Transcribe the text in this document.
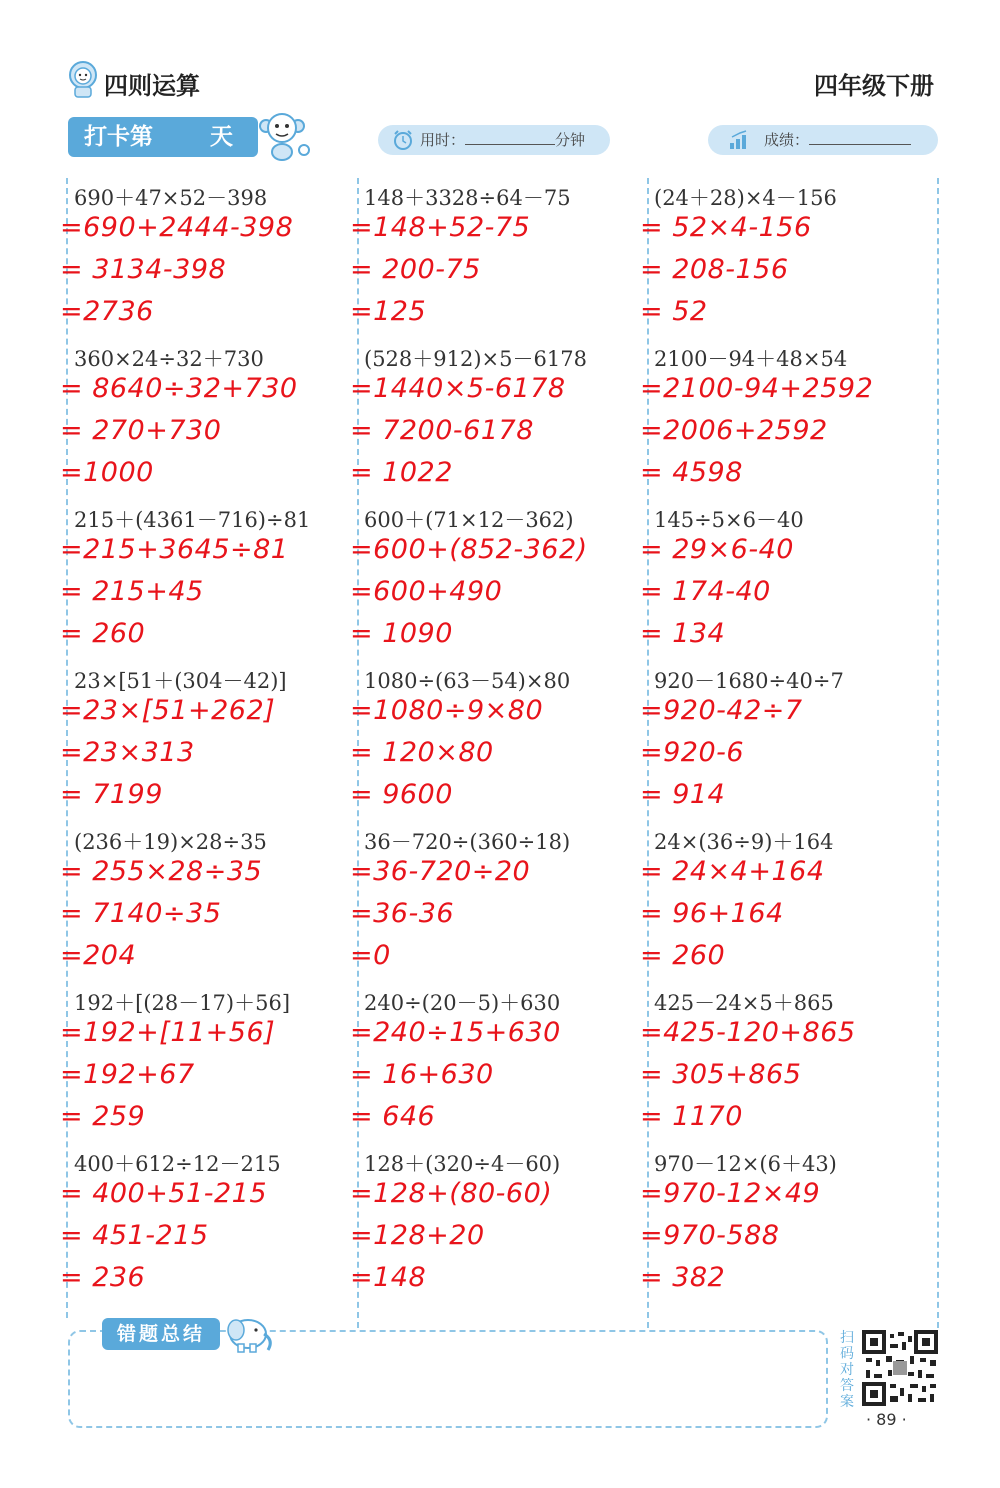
四则运算	四年级下册
打卡第 天	用时：	分钟	成绩：
690＋47×52－398
=690+2444-398
= 3134-398
=2736
360×24÷32＋730
= 8640÷32+730
= 270+730
=1000
215＋(4361－716)÷81
=215+3645÷81
= 215+45
= 260
23×[51＋(304－42)]
=23×[51+262]
=23×313
= 7199
(236＋19)×28÷35
= 255×28÷35
= 7140÷35
=204
192＋[(28－17)＋56]
=192+[11+56]
=192+67
= 259
400＋612÷12－215
= 400+51-215
= 451-215
= 236
148＋3328÷64－75
=148+52-75
= 200-75
=125
(528＋912)×5－6178
=1440×5-6178
= 7200-6178
= 1022
600＋(71×12－362)
=600+(852-362)
=600+490
= 1090
1080÷(63－54)×80
=1080÷9×80
= 120×80
= 9600
36－720÷(360÷18)
=36-720÷20
=36-36
=0
240÷(20－5)＋630
=240÷15+630
= 16+630
= 646
128＋(320÷4－60)
=128+(80-60)
=128+20
=148
(24＋28)×4－156
= 52×4-156
= 208-156
= 52
2100－94＋48×54
=2100-94+2592
=2006+2592
= 4598
145÷5×6－40
= 29×6-40
= 174-40
= 134
920－1680÷40÷7
=920-42÷7
=920-6
= 914
24×(36÷9)＋164
= 24×4+164
= 96+164
= 260
425－24×5＋865
=425-120+865
= 305+865
= 1170
970－12×(6＋43)
=970-12×49
=970-588
= 382
错题总结	扫码对答案
· 89 ·
